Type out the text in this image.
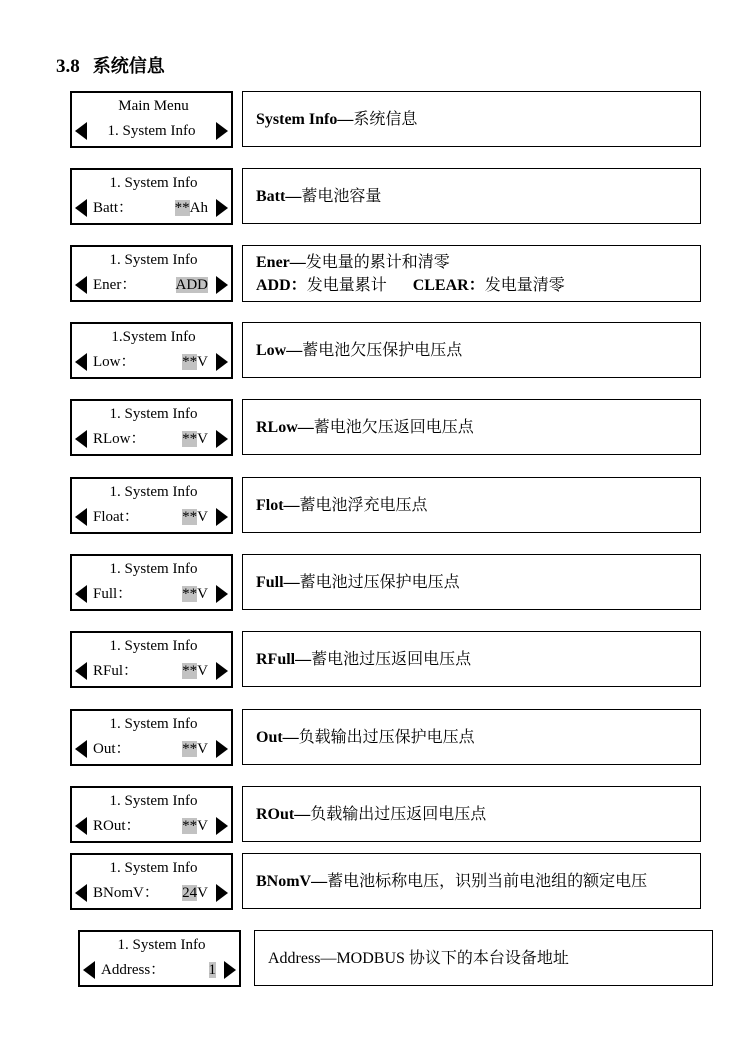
3.8 系统信息
Main Menu
1. System Info
System Info—系统信息
1. System Info
Batt：	**Ah
Batt—蓄电池容量
1. System Info
Ener：	ADD
Ener—发电量的累计和清零
ADD：发电量累计 CLEAR：发电量清零
1.System Info
Low：	**V
Low—蓄电池欠压保护电压点
1. System Info
RLow：	**V
RLow—蓄电池欠压返回电压点
1. System Info
Float：	**V
Flot—蓄电池浮充电压点
1. System Info
Full：	**V
Full—蓄电池过压保护电压点
1. System Info
RFul：	**V
RFull—蓄电池过压返回电压点
1. System Info
Out：	**V
Out—负载输出过压保护电压点
1. System Info
ROut：	**V
ROut—负载输出过压返回电压点
1. System Info
BNomV：	24V
BNomV—蓄电池标称电压，识别当前电池组的额定电压
1. System Info
Address：	1
Address—MODBUS 协议下的本台设备地址
